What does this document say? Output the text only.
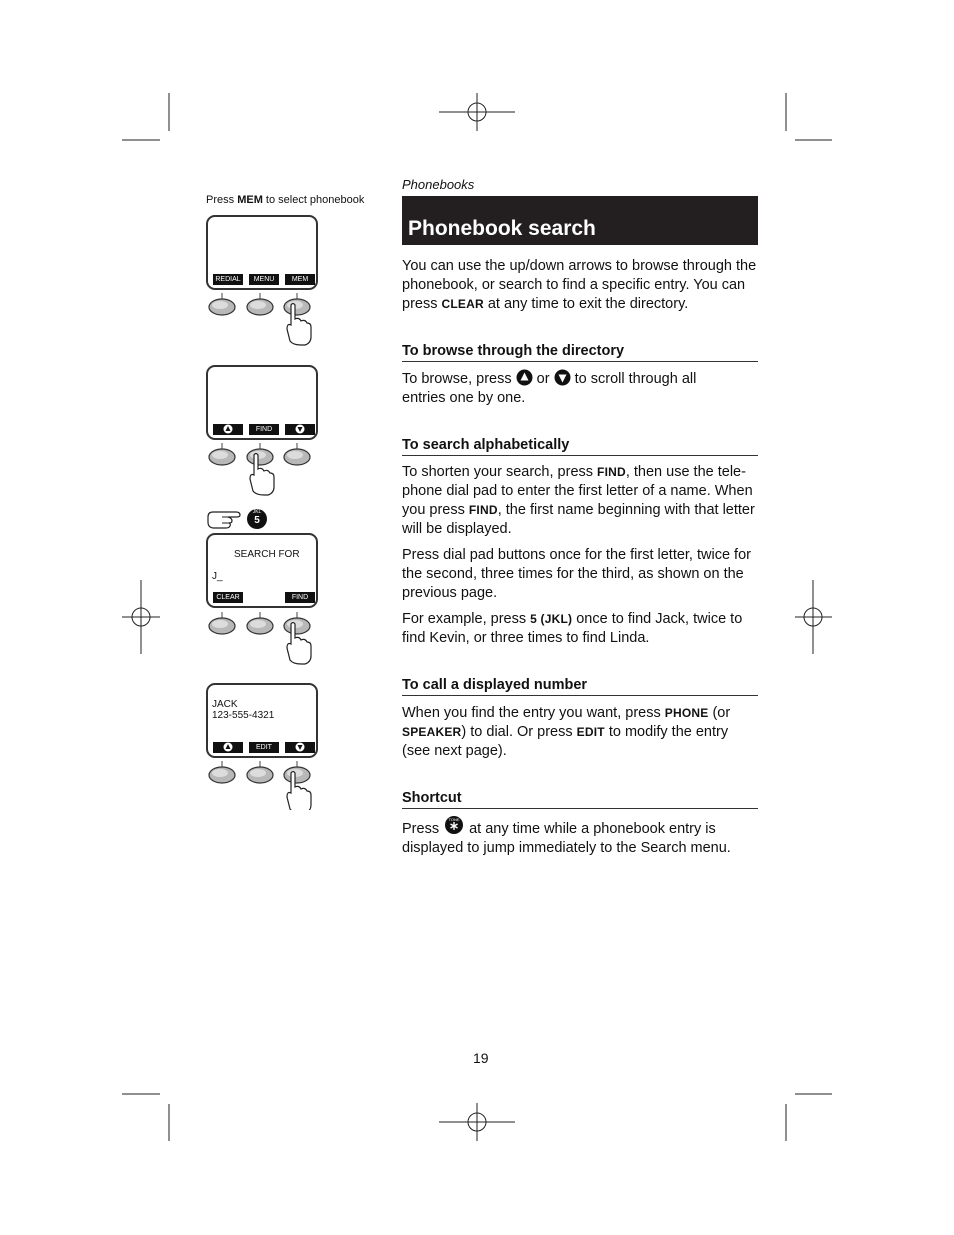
Press MEM to select phonebook
REDIAL	MENU	MEM
FIND
JKL
5
SEARCH FOR
J_
CLEAR	FIND
JACK
123-555-4321
EDIT
Phonebooks
Phonebook search
You can use the up/down arrows to browse through the phonebook, or search to find a specific entry. You can press CLEAR at any time to exit the directory.
To browse through the directory
To browse, press  or  to scroll through all entries one by one.
To search alphabetically
To shorten your search, press FIND, then use the tele-phone dial pad to enter the first letter of a name. When you press FIND, the first name beginning with that letter will be displayed.
Press dial pad buttons once for the first letter, twice for the second, three times for the third, as shown on the previous page.
For example, press 5 (JKL) once to find Jack, twice to find Kevin, or three times to find Linda.
To call a displayed number
When you find the entry you want, press PHONE (or SPEAKER) to dial. Or press EDIT to modify the entry (see next page).
Shortcut
Press
TONE
at any time while a phonebook entry is displayed to jump immediately to the Search menu.
19
